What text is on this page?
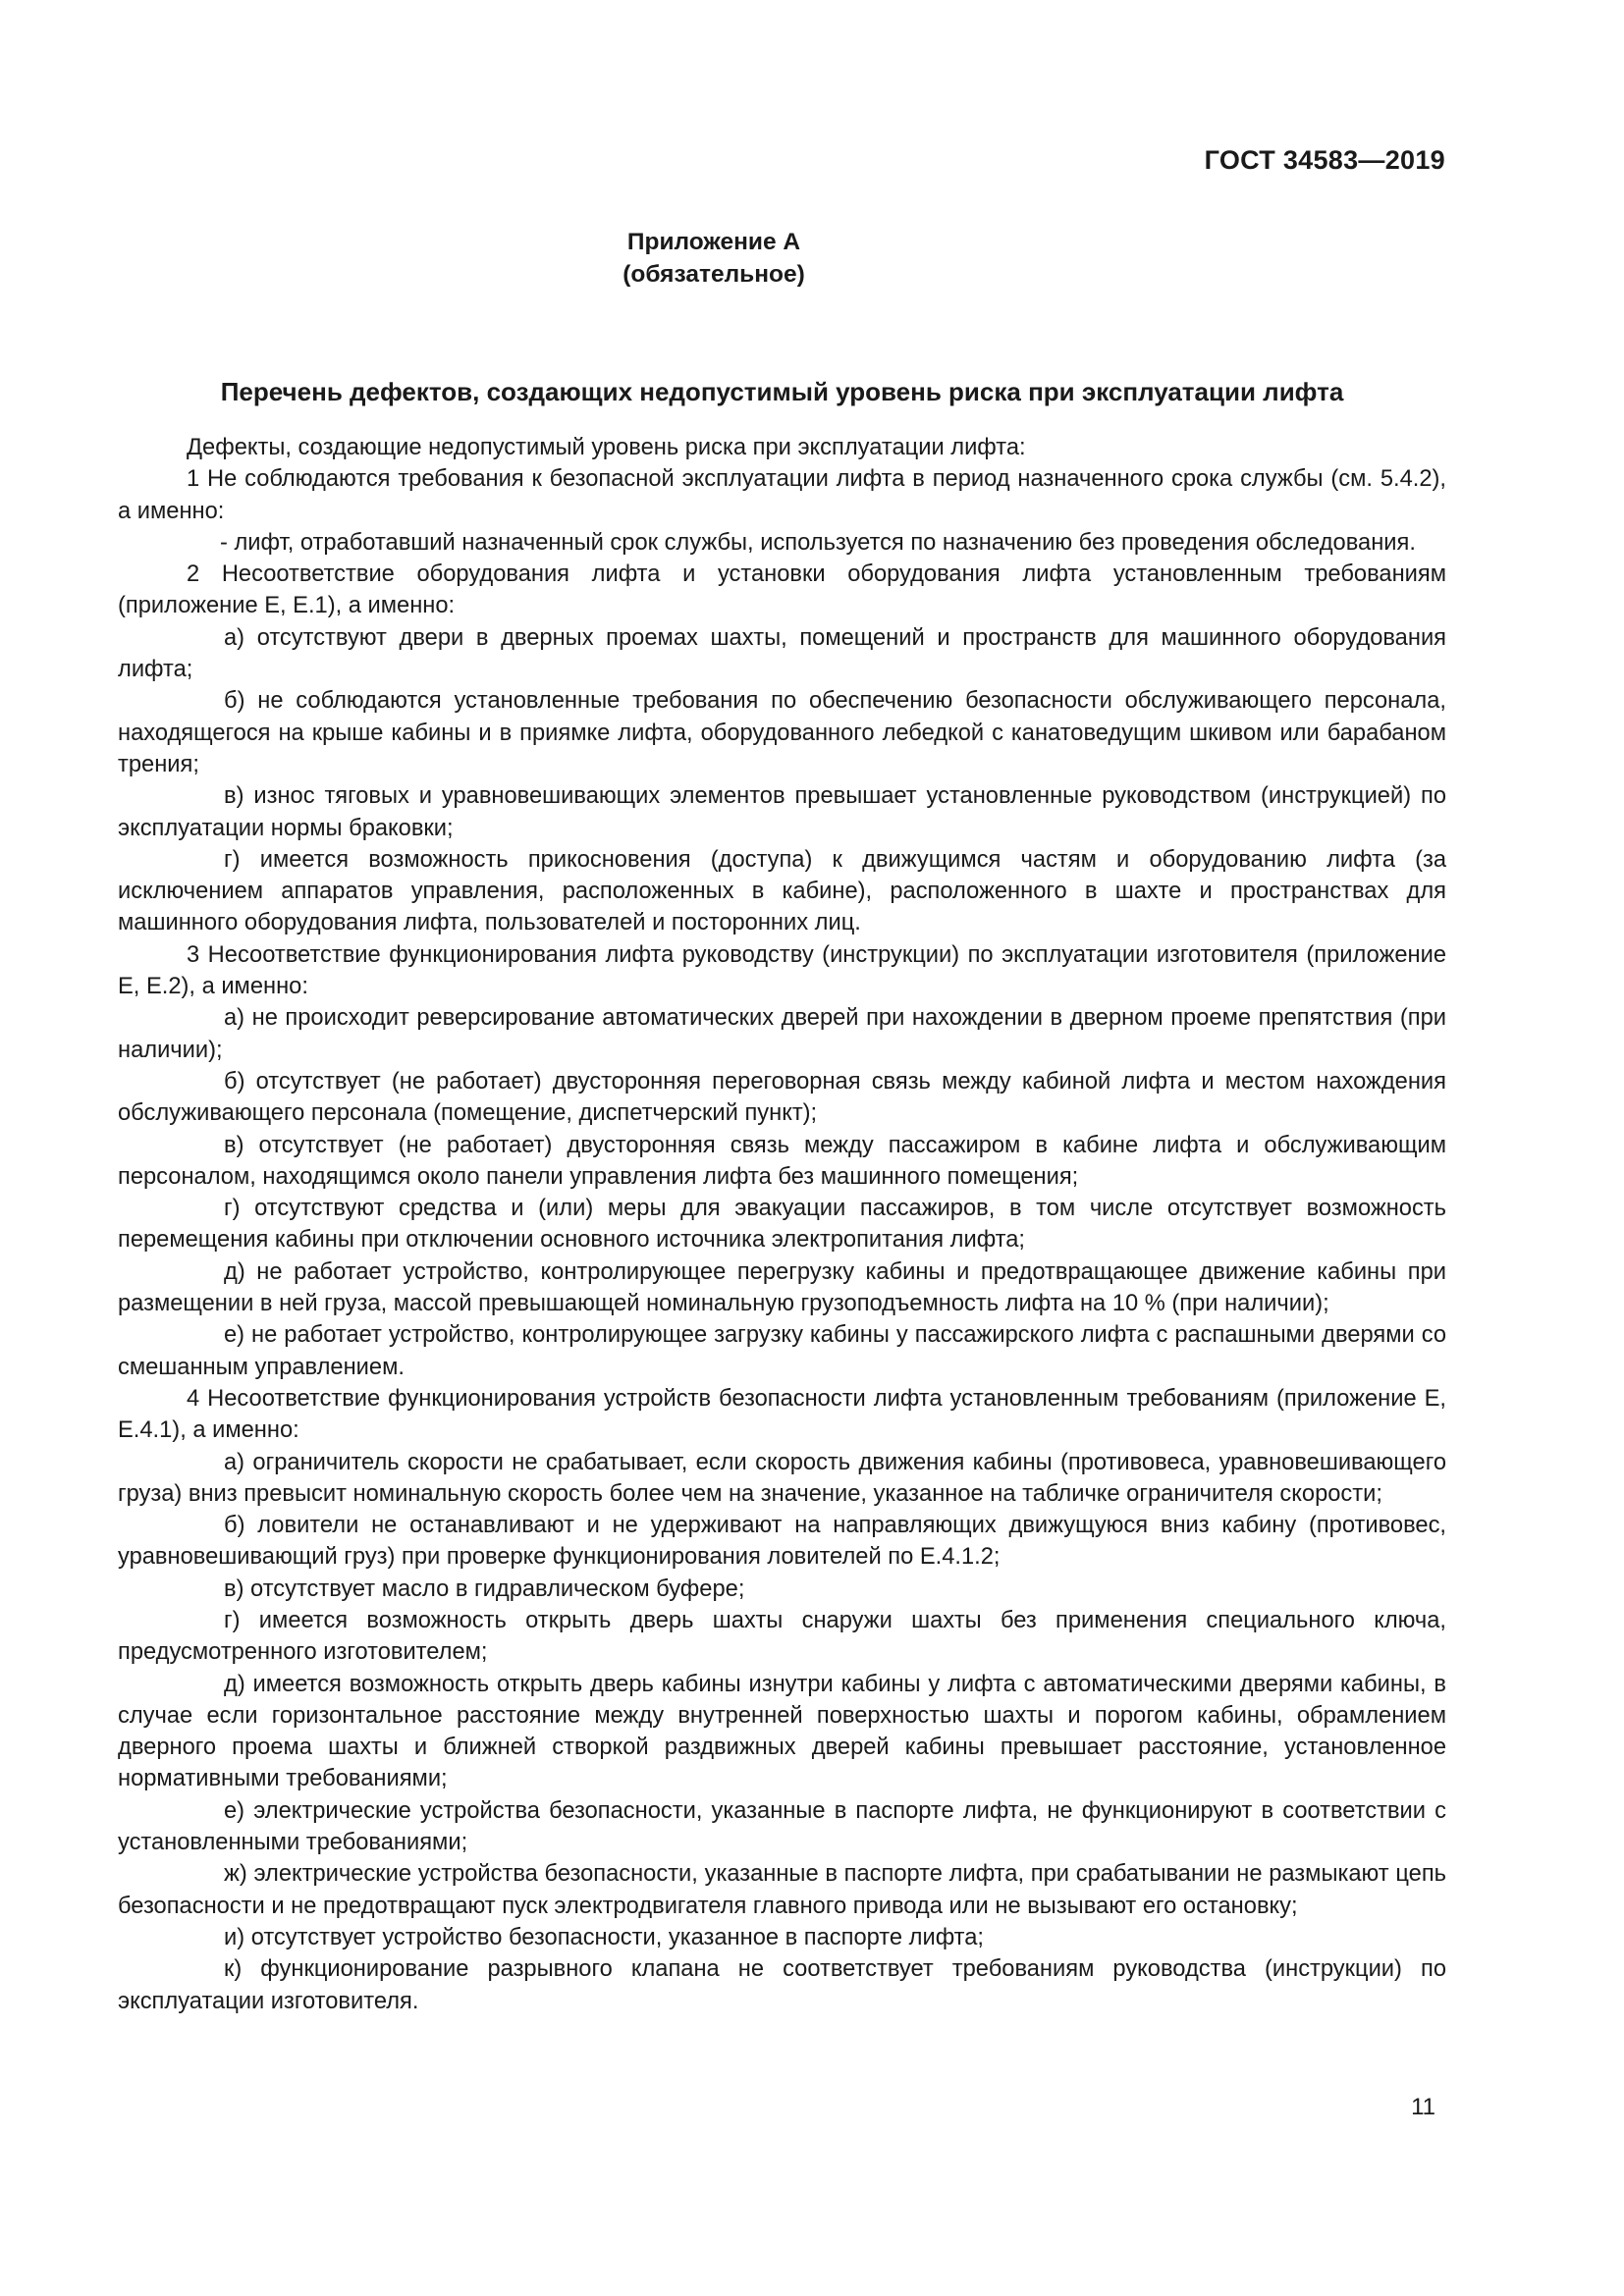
ГОСТ 34583—2019
Приложение А
(обязательное)
Перечень дефектов, создающих недопустимый уровень риска при эксплуатации лифта

Дефекты, создающие недопустимый уровень риска при эксплуатации лифта:

1 Не соблюдаются требования к безопасной эксплуатации лифта в период назначенного срока службы (см. 5.4.2), а именно:

- лифт, отработавший назначенный срок службы, используется по назначению без проведения обследования.

2 Несоответствие оборудования лифта и установки оборудования лифта установленным требованиям (приложение Е, Е.1), а именно:

а) отсутствуют двери в дверных проемах шахты, помещений и пространств для машинного оборудования лифта;

б) не соблюдаются установленные требования по обеспечению безопасности обслуживающего персонала, находящегося на крыше кабины и в приямке лифта, оборудованного лебедкой с канатоведущим шкивом или барабаном трения;

в) износ тяговых и уравновешивающих элементов превышает установленные руководством (инструкцией) по эксплуатации нормы браковки;

г) имеется возможность прикосновения (доступа) к движущимся частям и оборудованию лифта (за исключением аппаратов управления, расположенных в кабине), расположенного в шахте и пространствах для машинного оборудования лифта, пользователей и посторонних лиц.

3 Несоответствие функционирования лифта руководству (инструкции) по эксплуатации изготовителя (приложение Е, Е.2), а именно:

а) не происходит реверсирование автоматических дверей при нахождении в дверном проеме препятствия (при наличии);

б) отсутствует (не работает) двусторонняя переговорная связь между кабиной лифта и местом нахождения обслуживающего персонала (помещение, диспетчерский пункт);

в) отсутствует (не работает) двусторонняя связь между пассажиром в кабине лифта и обслуживающим персоналом, находящимся около панели управления лифта без машинного помещения;

г) отсутствуют средства и (или) меры для эвакуации пассажиров, в том числе отсутствует возможность перемещения кабины при отключении основного источника электропитания лифта;

д) не работает устройство, контролирующее перегрузку кабины и предотвращающее движение кабины при размещении в ней груза, массой превышающей номинальную грузоподъемность лифта на 10 % (при наличии);

е) не работает устройство, контролирующее загрузку кабины у пассажирского лифта с распашными дверями со смешанным управлением.

4 Несоответствие функционирования устройств безопасности лифта установленным требованиям (приложение Е, Е.4.1), а именно:

а) ограничитель скорости не срабатывает, если скорость движения кабины (противовеса, уравновешивающего груза) вниз превысит номинальную скорость более чем на значение, указанное на табличке ограничителя скорости;

б) ловители не останавливают и не удерживают на направляющих движущуюся вниз кабину (противовес, уравновешивающий груз) при проверке функционирования ловителей по Е.4.1.2;

в) отсутствует масло в гидравлическом буфере;

г) имеется возможность открыть дверь шахты снаружи шахты без применения специального ключа, предусмотренного изготовителем;

д) имеется возможность открыть дверь кабины изнутри кабины у лифта с автоматическими дверями кабины, в случае если горизонтальное расстояние между внутренней поверхностью шахты и порогом кабины, обрамлением дверного проема шахты и ближней створкой раздвижных дверей кабины превышает расстояние, установленное нормативными требованиями;

е) электрические устройства безопасности, указанные в паспорте лифта, не функционируют в соответствии с установленными требованиями;

ж) электрические устройства безопасности, указанные в паспорте лифта, при срабатывании не размыкают цепь безопасности и не предотвращают пуск электродвигателя главного привода или не вызывают его остановку;

и) отсутствует устройство безопасности, указанное в паспорте лифта;

к) функционирование разрывного клапана не соответствует требованиям руководства (инструкции) по эксплуатации изготовителя.

11
